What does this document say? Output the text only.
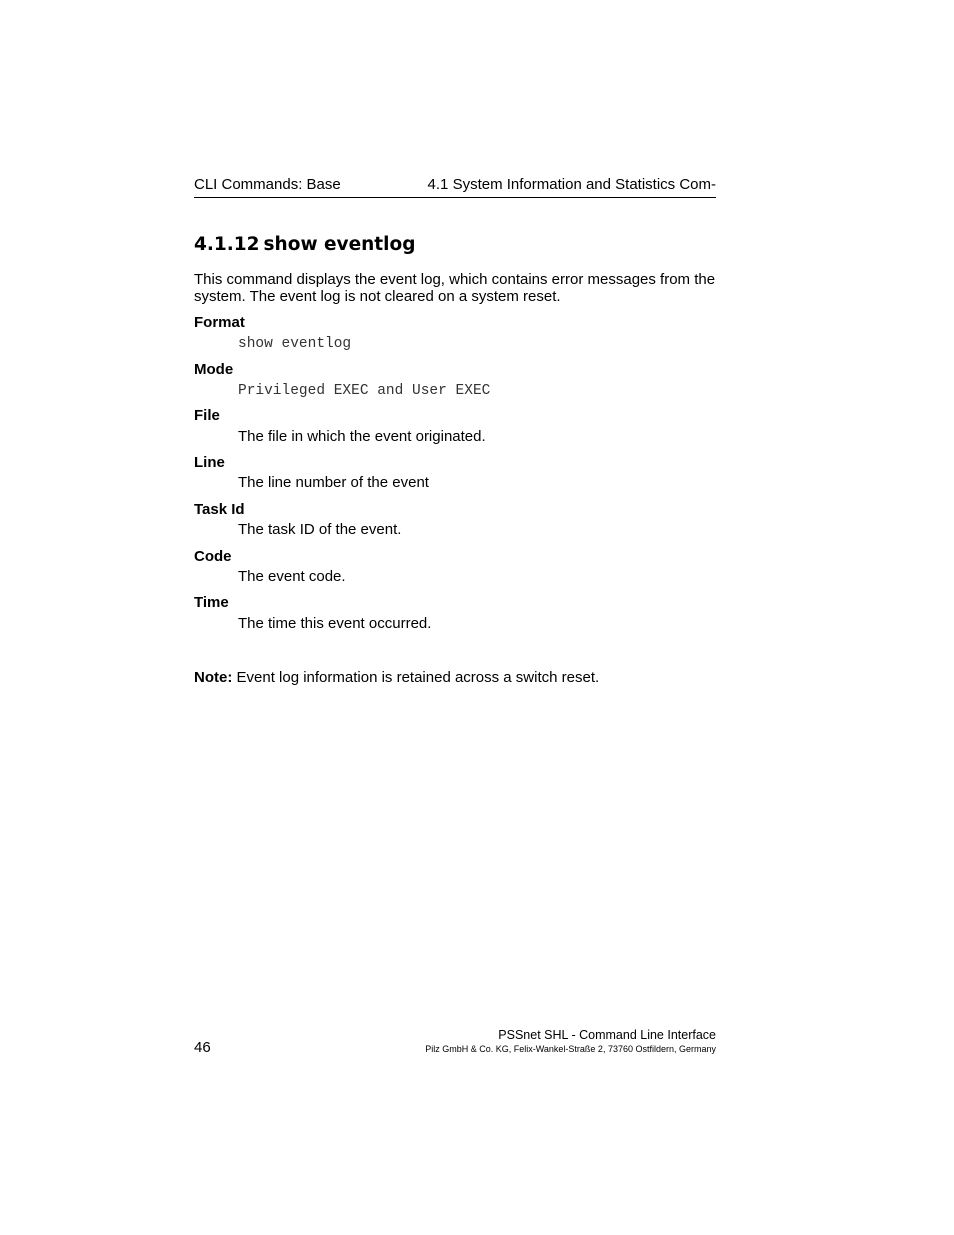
CLI Commands: Base	4.1 System Information and Statistics Com-
4.1.12 show eventlog
This command displays the event log, which contains error messages from the system. The event log is not cleared on a system reset.
Format
show eventlog
Mode
Privileged EXEC and User EXEC
File
The file in which the event originated.
Line
The line number of the event
Task Id
The task ID of the event.
Code
The event code.
Time
The time this event occurred.
Note: Event log information is retained across a switch reset.
46
PSSnet SHL - Command Line Interface
Pilz GmbH & Co. KG, Felix-Wankel-Straße 2, 73760 Ostfildern, Germany
